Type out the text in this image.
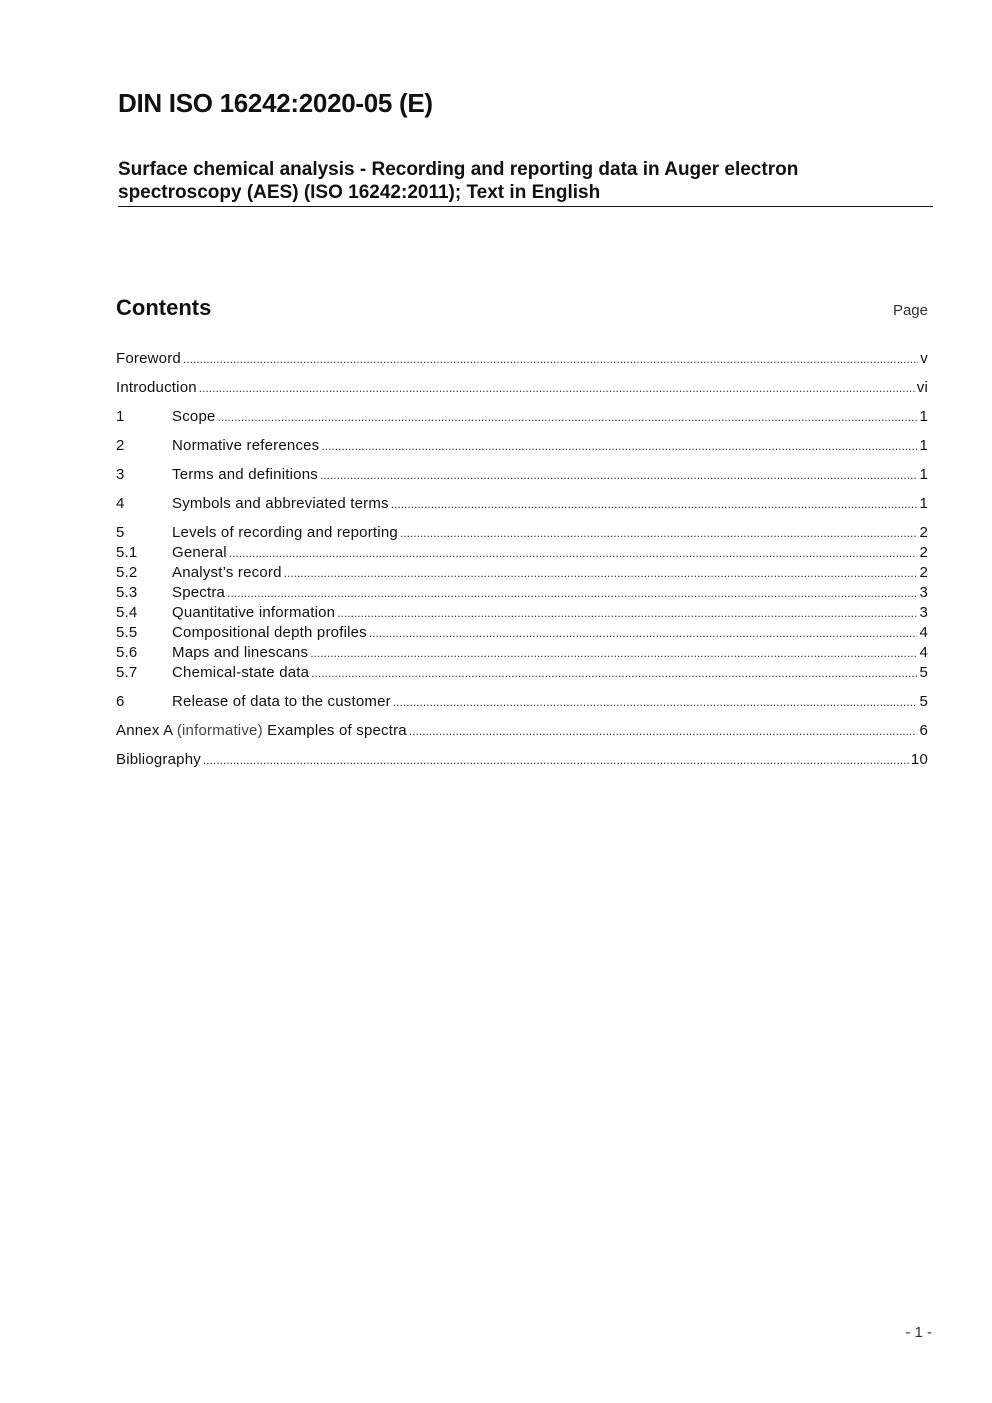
DIN ISO 16242:2020-05 (E)
Surface chemical analysis - Recording and reporting data in Auger electron
spectroscopy (AES) (ISO 16242:2011); Text in English
Contents	Page
Foreword .....	v
Introduction .....	vi
1	Scope .....	1
2	Normative references .....	1
3	Terms and definitions .....	1
4	Symbols and abbreviated terms .....	1
5	Levels of recording and reporting .....	2
5.1	General .....	2
5.2	Analyst’s record .....	2
5.3	Spectra .....	3
5.4	Quantitative information .....	3
5.5	Compositional depth profiles .....	4
5.6	Maps and linescans .....	4
5.7	Chemical-state data .....	5
6	Release of data to the customer .....	5
Annex A (informative) Examples of spectra .....	6
Bibliography .....	10
- 1 -
